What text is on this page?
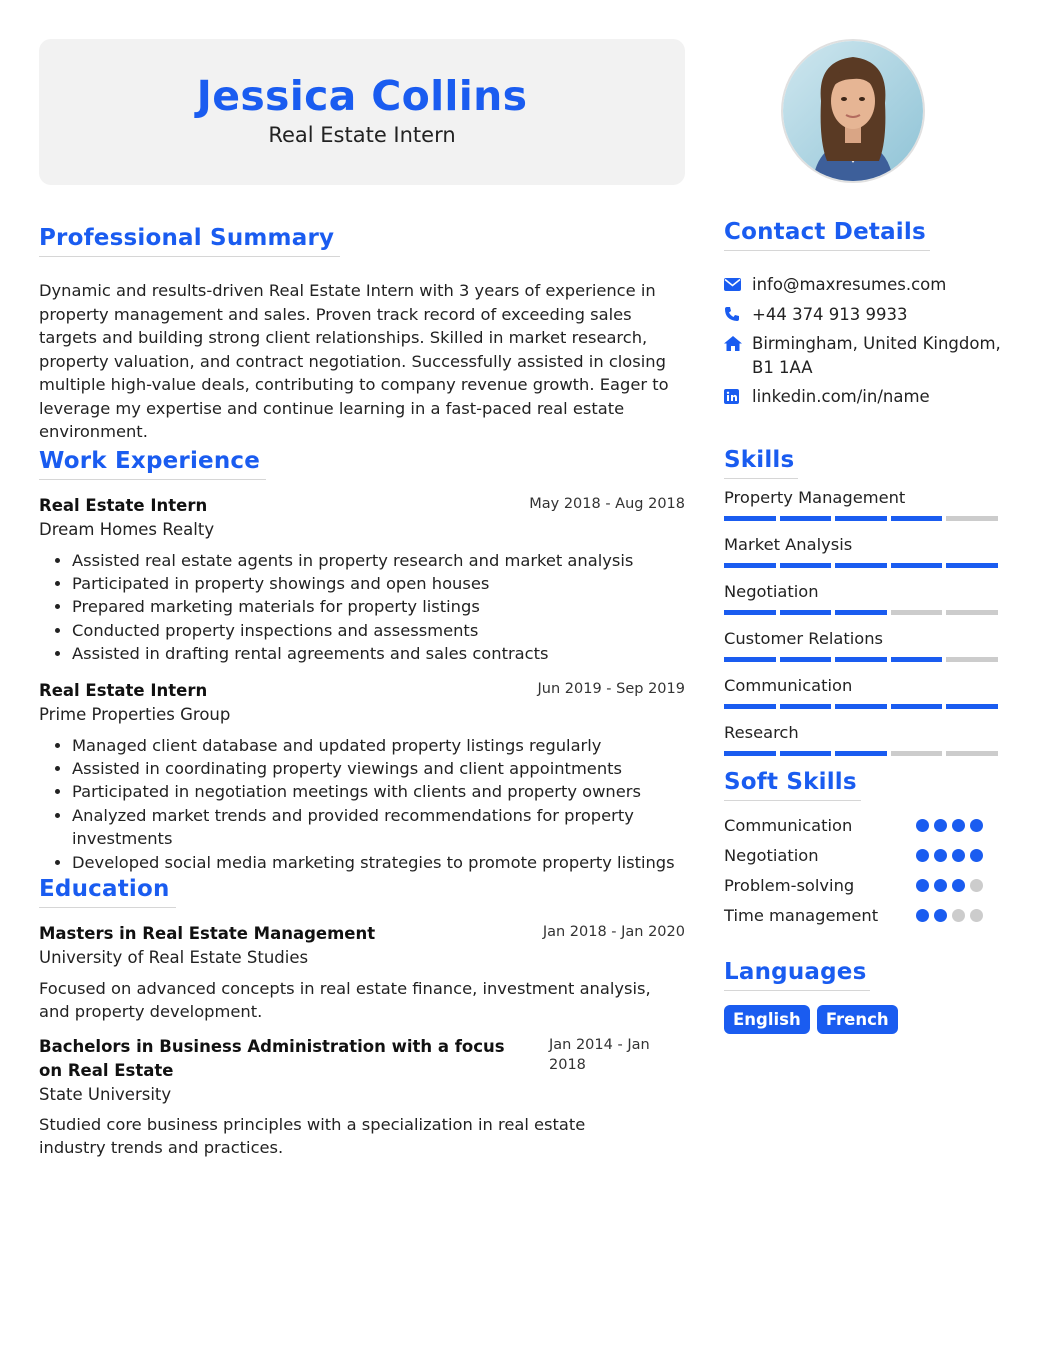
Jessica Collins
Real Estate Intern
Professional Summary

Dynamic and results-driven Real Estate Intern with 3 years of experience in property management and sales. Proven track record of exceeding sales targets and building strong client relationships. Skilled in market research, property valuation, and contract negotiation. Successfully assisted in closing multiple high-value deals, contributing to company revenue growth. Eager to leverage my expertise and continue learning in a fast-paced real estate environment.

Work Experience
Real Estate Intern	May 2018 - Aug 2018
Dream Homes Realty
• Assisted real estate agents in property research and market analysis
• Participated in property showings and open houses
• Prepared marketing materials for property listings
• Conducted property inspections and assessments
• Assisted in drafting rental agreements and sales contracts
Real Estate Intern	Jun 2019 - Sep 2019
Prime Properties Group
• Managed client database and updated property listings regularly
• Assisted in coordinating property viewings and client appointments
• Participated in negotiation meetings with clients and property owners
• Analyzed market trends and provided recommendations for property investments
• Developed social media marketing strategies to promote property listings
Education
Masters in Real Estate Management	Jan 2018 - Jan 2020
University of Real Estate Studies

Focused on advanced concepts in real estate finance, investment analysis, and property development.

Bachelors in Business Administration with a focus on Real Estate
Jan 2014 - Jan 2018
State University

Studied core business principles with a specialization in real estate industry trends and practices.

Contact Details
info@maxresumes.com
+44 374 913 9933
Birmingham, United Kingdom, B1 1AA
linkedin.com/in/name
Skills
Property Management
Market Analysis
Negotiation
Customer Relations
Communication
Research
Soft Skills
Communication
Negotiation
Problem-solving
Time management
Languages
English French
